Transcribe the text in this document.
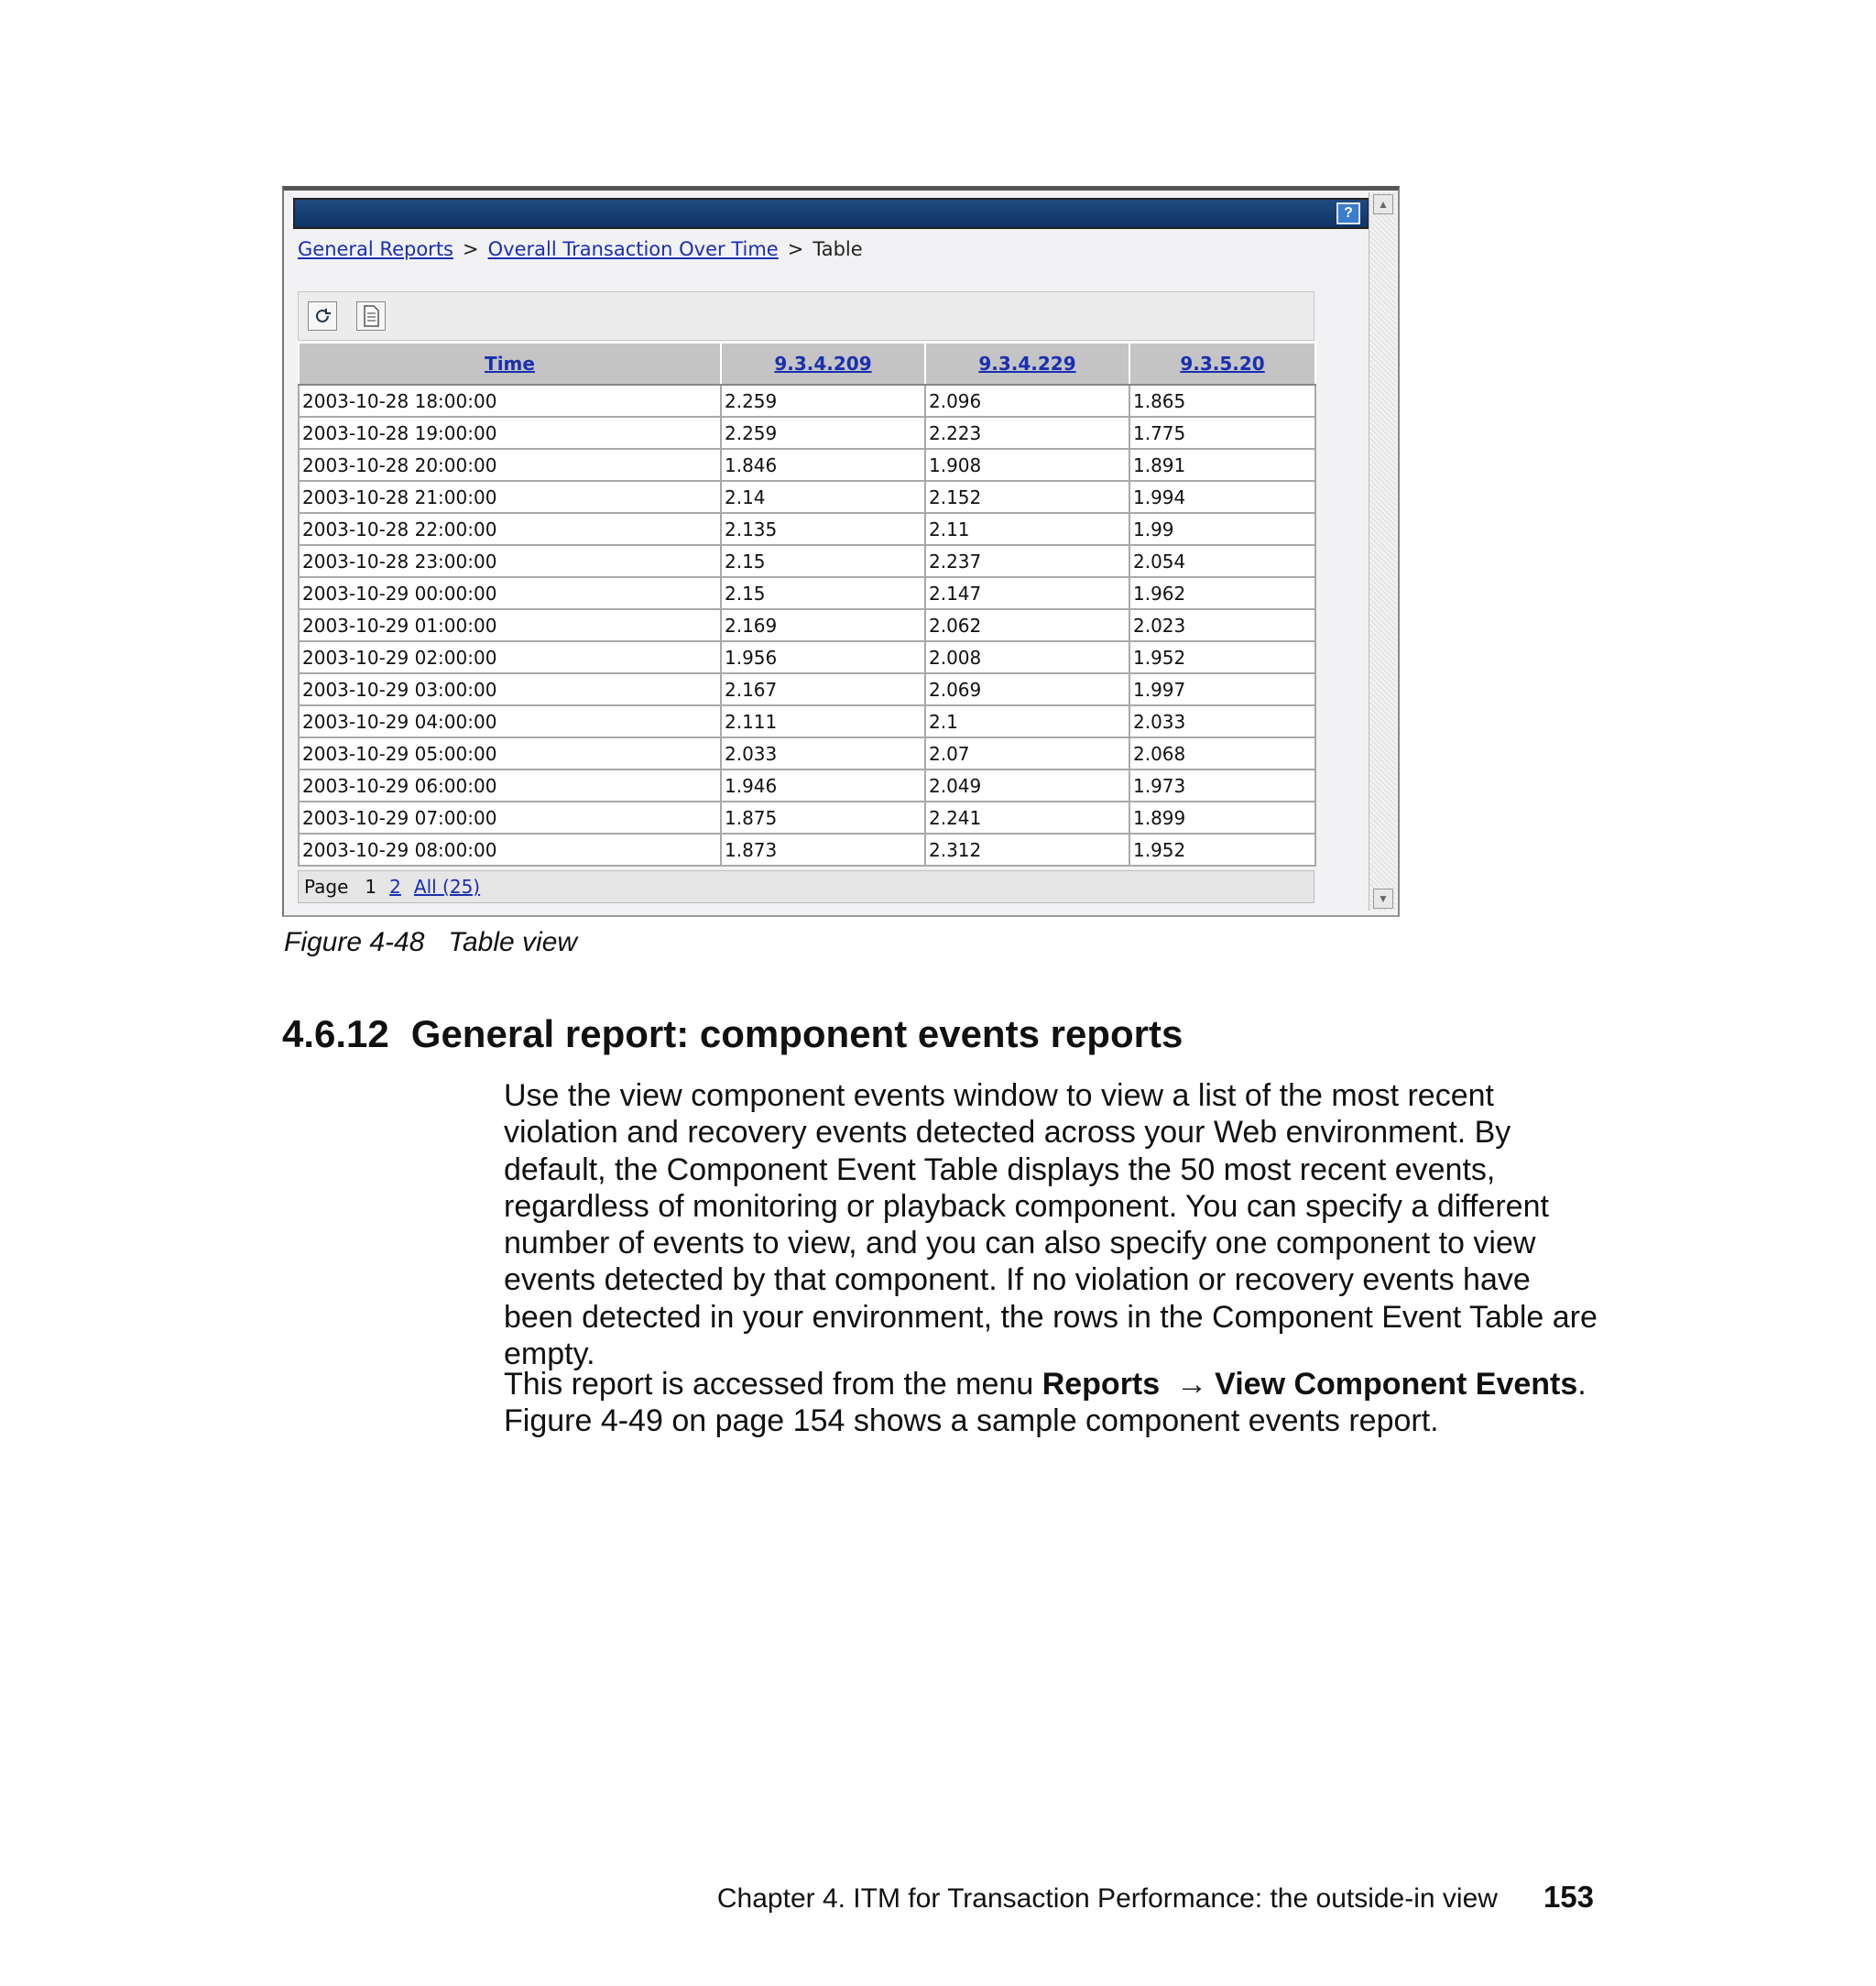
?
▲
▼
General Reports > Overall Transaction Over Time > Table
Time	9.3.4.209	9.3.4.229	9.3.5.20
2003-10-28 18:00:00	2.259	2.096	1.865
2003-10-28 19:00:00	2.259	2.223	1.775
2003-10-28 20:00:00	1.846	1.908	1.891
2003-10-28 21:00:00	2.14	2.152	1.994
2003-10-28 22:00:00	2.135	2.11	1.99
2003-10-28 23:00:00	2.15	2.237	2.054
2003-10-29 00:00:00	2.15	2.147	1.962
2003-10-29 01:00:00	2.169	2.062	2.023
2003-10-29 02:00:00	1.956	2.008	1.952
2003-10-29 03:00:00	2.167	2.069	1.997
2003-10-29 04:00:00	2.111	2.1	2.033
2003-10-29 05:00:00	2.033	2.07	2.068
2003-10-29 06:00:00	1.946	2.049	1.973
2003-10-29 07:00:00	1.875	2.241	1.899
2003-10-29 08:00:00	1.873	2.312	1.952
Page 1 2 All (25)
Figure 4-48 Table view
4.6.12 General report: component events reports
Use the view component events window to view a list of the most recent violation and recovery events detected across your Web environment. By default, the Component Event Table displays the 50 most recent events, regardless of monitoring or playback component. You can specify a different number of events to view, and you can also specify one component to view events detected by that component. If no violation or recovery events have been detected in your environment, the rows in the Component Event Table are empty.
This report is accessed from the menu Reports → View Component Events.
Figure 4-49 on page 154 shows a sample component events report.
Chapter 4. ITM for Transaction Performance: the outside-in view 153
